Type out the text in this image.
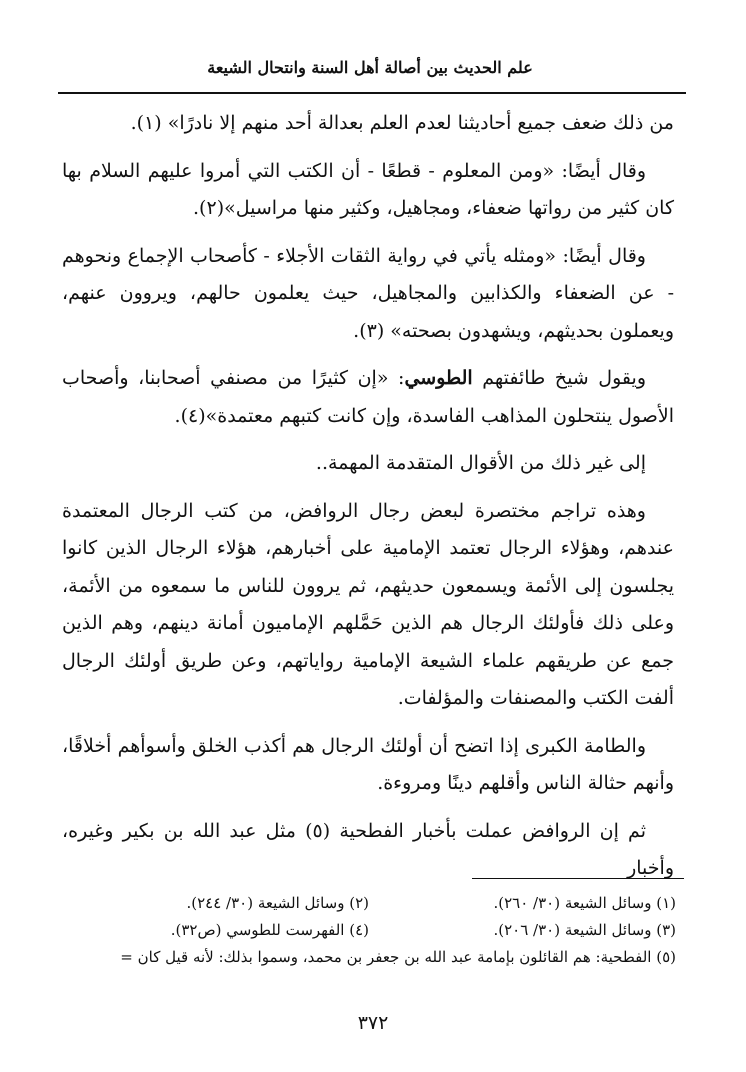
علم الحديث بين أصالة أهل السنة وانتحال الشيعة

من ذلك ضعف جميع أحاديثنا لعدم العلم بعدالة أحد منهم إلا نادرًا» (١).

وقال أيضًا: «ومن المعلوم - قطعًا - أن الكتب التي أمروا عليهم السلام بها كان كثير من رواتها ضعفاء، ومجاهيل، وكثير منها مراسيل»(٢).

وقال أيضًا: «ومثله يأتي في رواية الثقات الأجلاء - كأصحاب الإجماع ونحوهم - عن الضعفاء والكذابين والمجاهيل، حيث يعلمون حالهم، ويروون عنهم، ويعملون بحديثهم، ويشهدون بصحته» (٣).

ويقول شيخ طائفتهم الطوسي: «إن كثيرًا من مصنفي أصحابنا، وأصحاب الأصول ينتحلون المذاهب الفاسدة، وإن كانت كتبهم معتمدة»(٤).

إلى غير ذلك من الأقوال المتقدمة المهمة..

وهذه تراجم مختصرة لبعض رجال الروافض، من كتب الرجال المعتمدة عندهم، وهؤلاء الرجال تعتمد الإمامية على أخبارهم، هؤلاء الرجال الذين كانوا يجلسون إلى الأئمة ويسمعون حديثهم، ثم يروون للناس ما سمعوه من الأئمة، وعلى ذلك فأولئك الرجال هم الذين حَمَّلهم الإماميون أمانة دينهم، وهم الذين جمع عن طريقهم علماء الشيعة الإمامية رواياتهم، وعن طريق أولئك الرجال ألفت الكتب والمصنفات والمؤلفات.

والطامة الكبرى إذا اتضح أن أولئك الرجال هم أكذب الخلق وأسوأهم أخلاقًا، وأنهم حثالة الناس وأقلهم دينًا ومروءة.

ثم إن الروافض عملت بأخبار الفطحية (٥) مثل عبد الله بن بكير وغيره، وأخبار

(١) وسائل الشيعة (٣٠/ ٢٦٠).
(٢) وسائل الشيعة (٣٠/ ٢٤٤).
(٣) وسائل الشيعة (٣٠/ ٢٠٦).
(٤) الفهرست للطوسي (ص٣٢).
(٥) الفطحية: هم القائلون بإمامة عبد الله بن جعفر بن محمد، وسموا بذلك: لأنه قيل كان =
٣٧٢
